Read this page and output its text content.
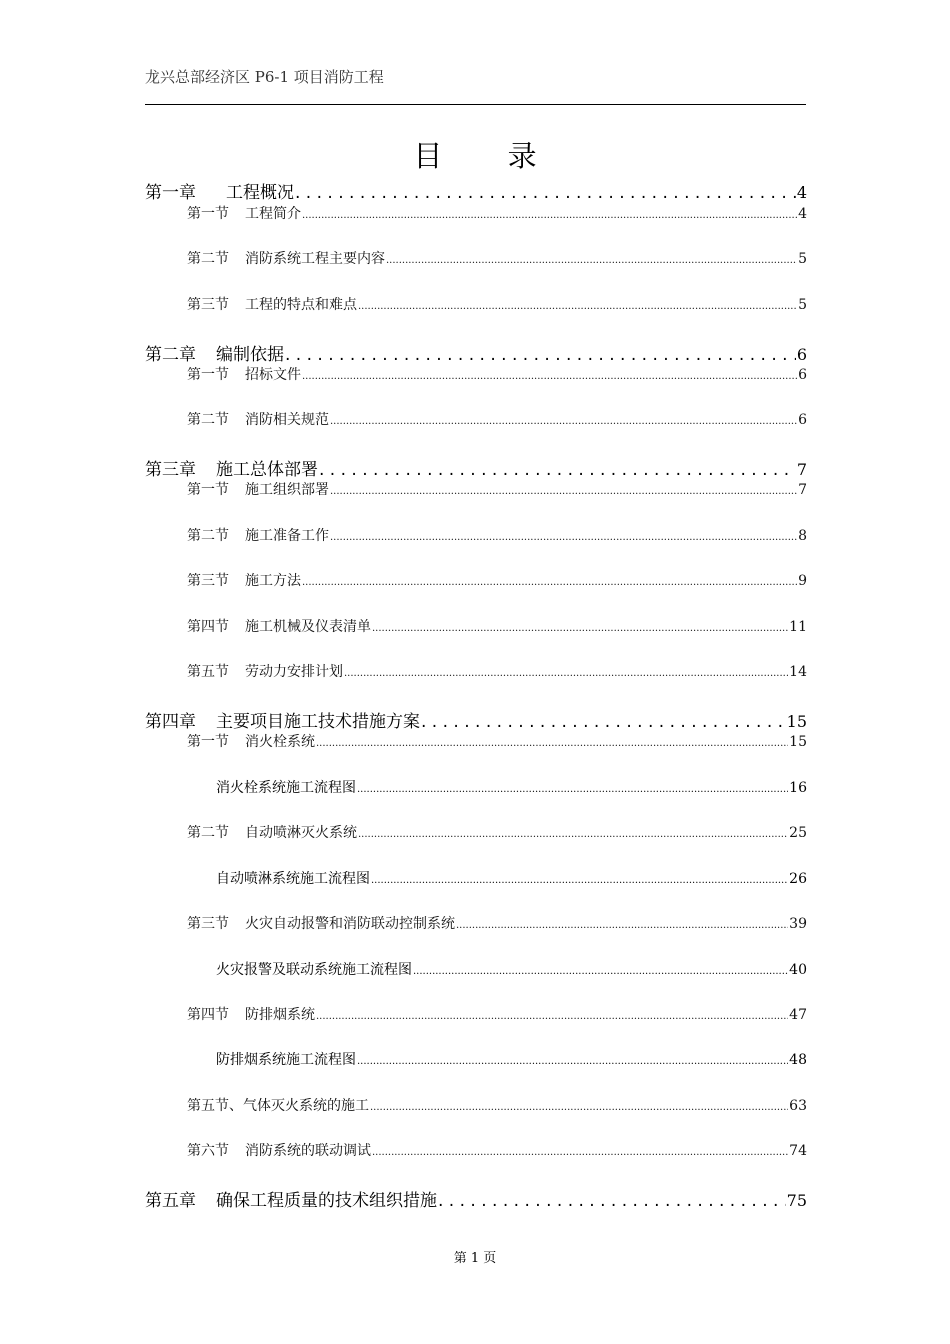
龙兴总部经济区 P6-1 项目消防工程
目 录
第一章 工程概况 . . .	4
第一节 工程简介 .....	4
第二节 消防系统工程主要内容 .....	5
第三节 工程的特点和难点 .....	5
第二章 编制依据 . . .	6
第一节 招标文件 .....	6
第二节 消防相关规范 .....	6
第三章 施工总体部署 . . .	7
第一节 施工组织部署 .....	7
第二节 施工准备工作 .....	8
第三节 施工方法 .....	9
第四节 施工机械及仪表清单 .....	11
第五节 劳动力安排计划 .....	14
第四章 主要项目施工技术措施方案 . . .	15
第一节 消火栓系统 .....	15
消火栓系统施工流程图 .....	16
第二节 自动喷淋灭火系统 .....	25
自动喷淋系统施工流程图 .....	26
第三节 火灾自动报警和消防联动控制系统 .....	39
火灾报警及联动系统施工流程图 .....	40
第四节 防排烟系统 .....	47
防排烟系统施工流程图 .....	48
第五节、气体灭火系统的施工 .....	63
第六节 消防系统的联动调试 .....	74
第五章 确保工程质量的技术组织措施 . . .	75
第 1 页
